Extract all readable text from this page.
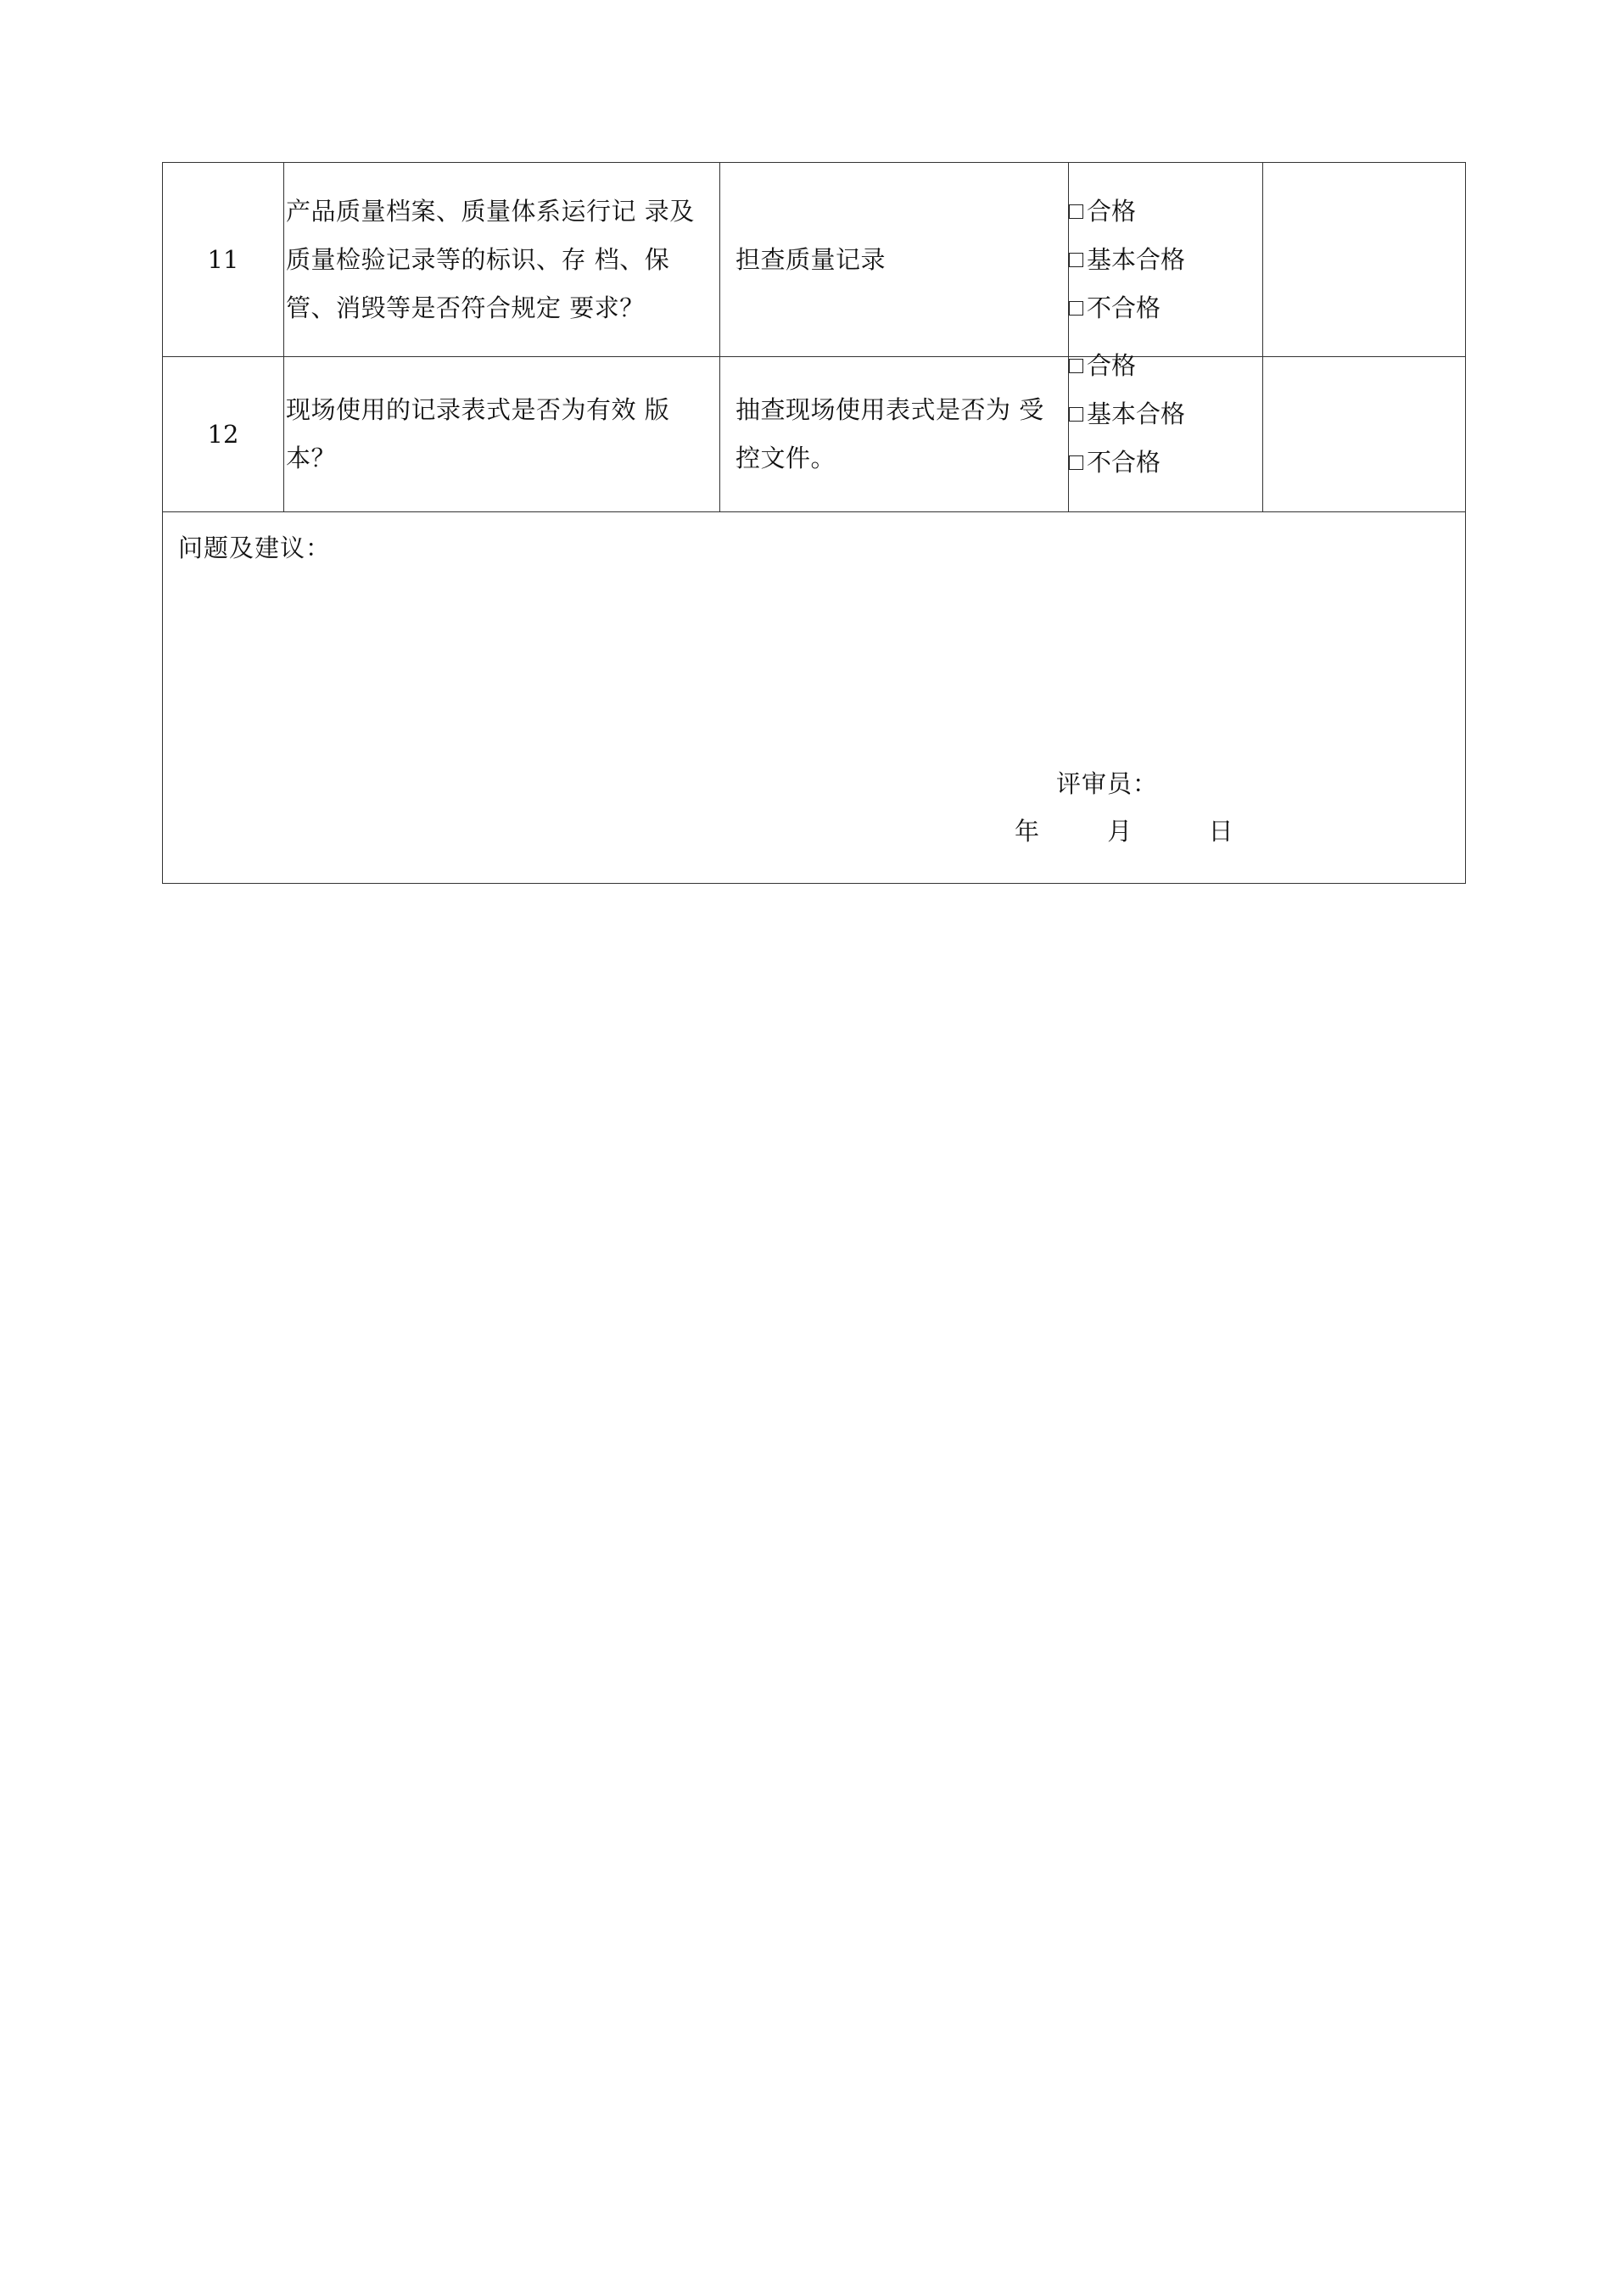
11	产品质量档案、质量体系运行记 录及质量检验记录等的标识、存 档、保管、消毁等是否符合规定 要求？	担查质量记录	合格
基本合格
不合格	

12	现场使用的记录表式是否为有效 版本？	抽查现场使用表式是否为 受控文件。	合格
基本合格
不合格	

问题及建议：
评审员：
年 月 日				
